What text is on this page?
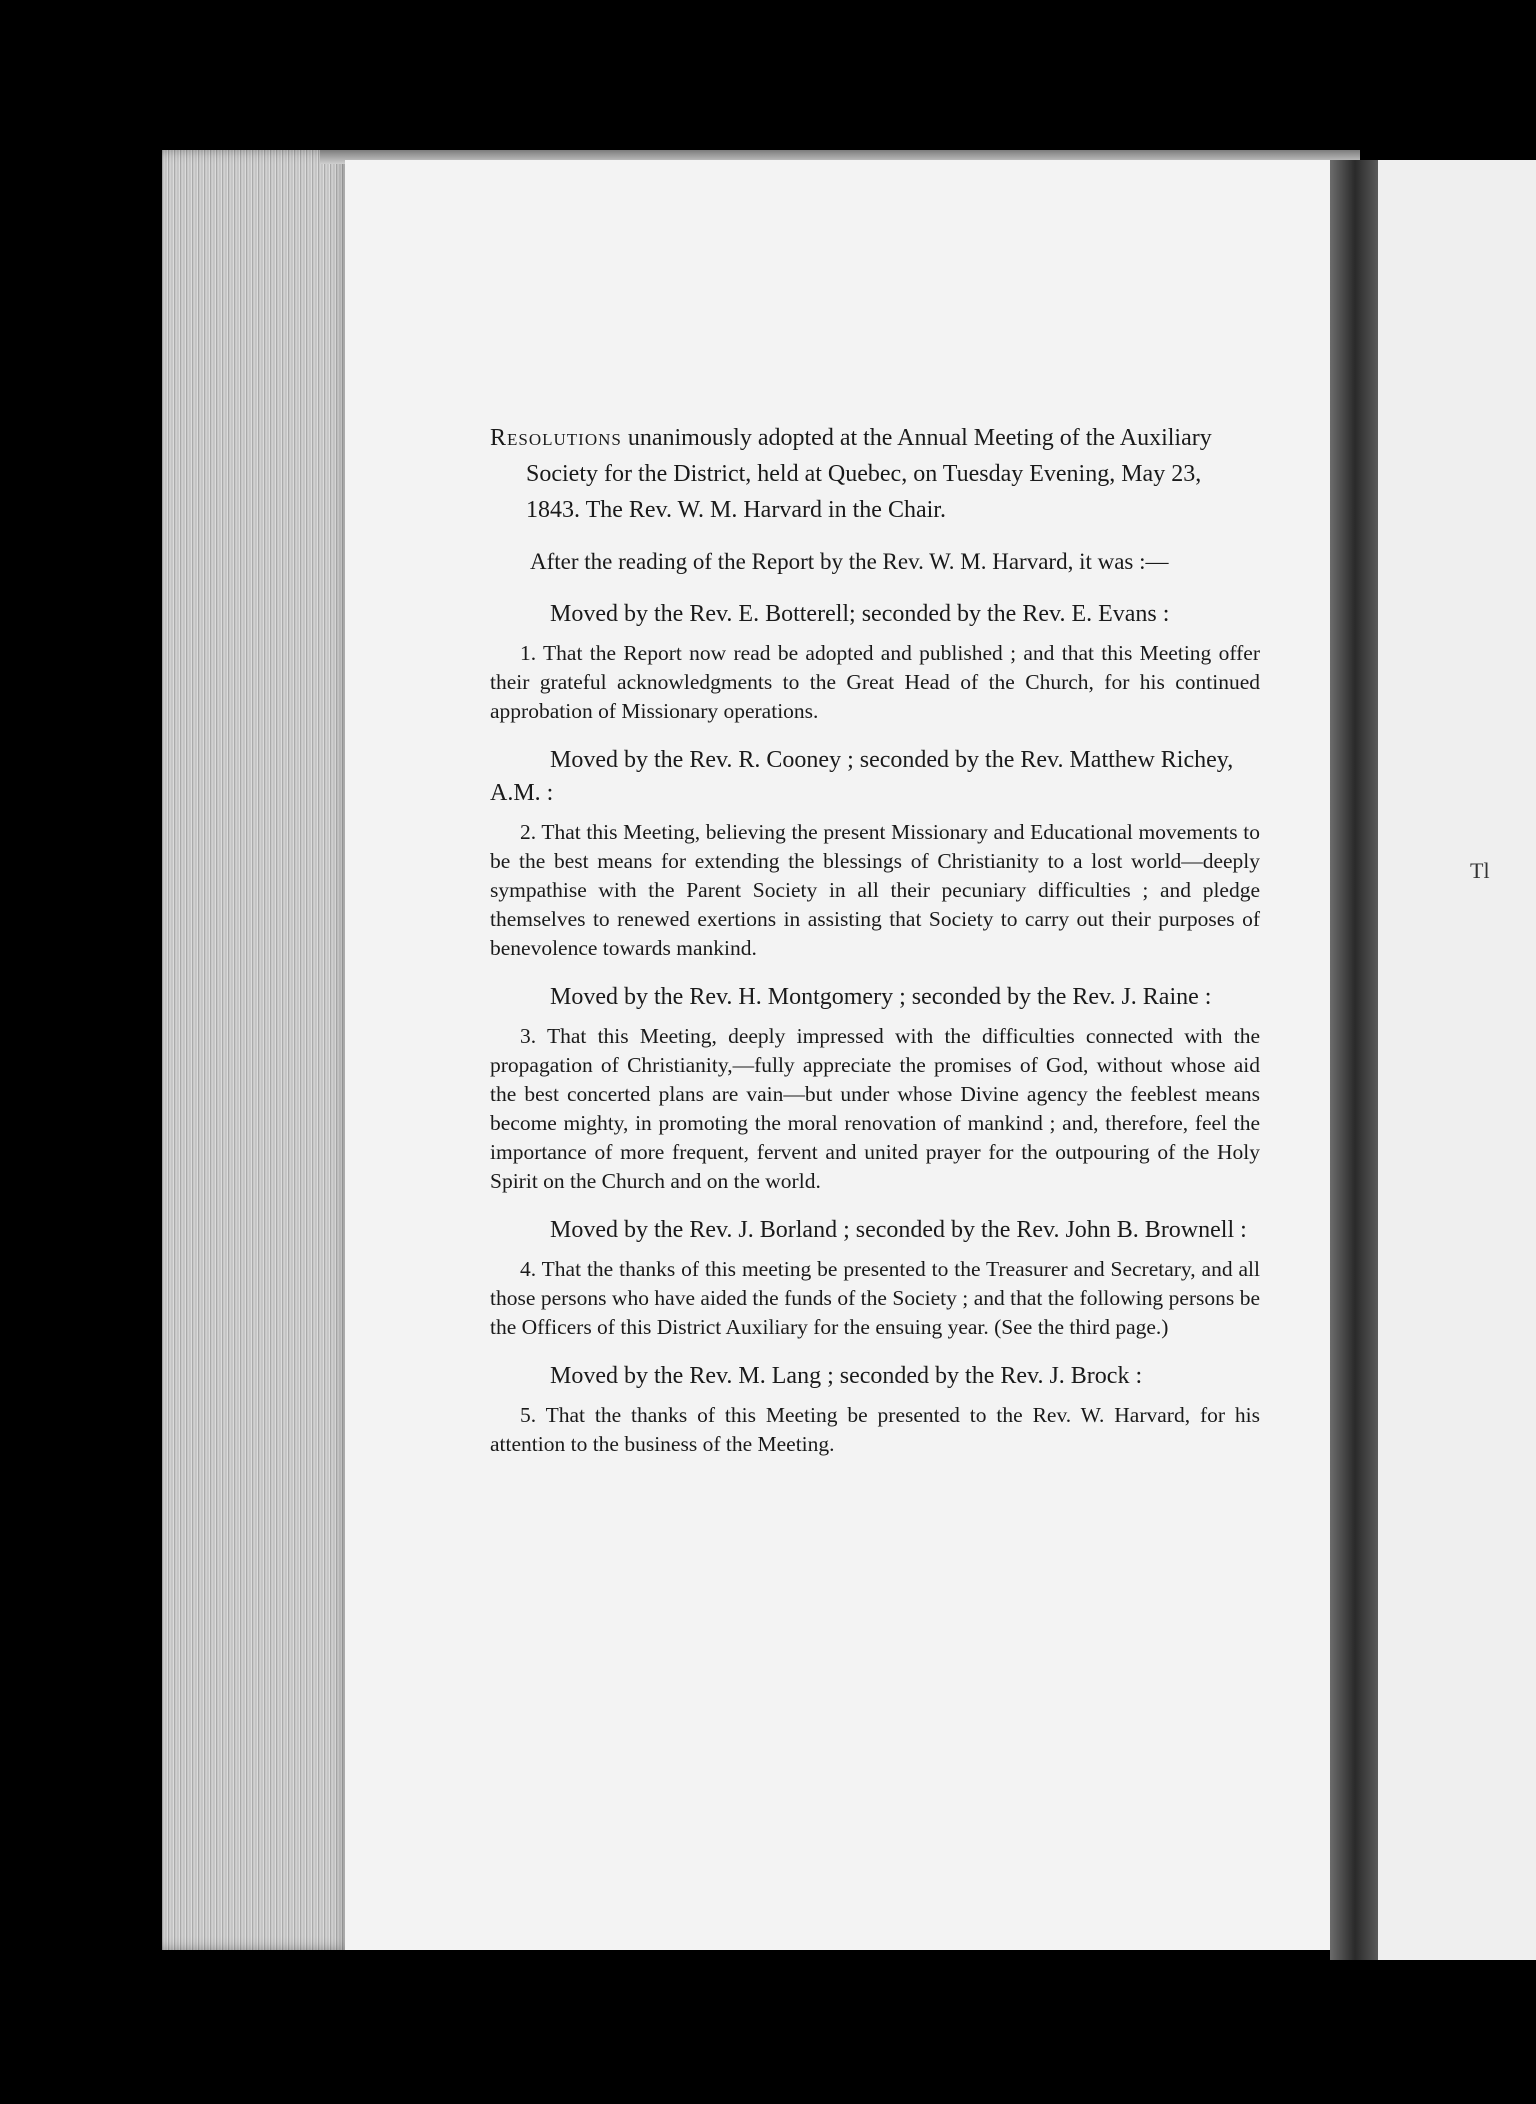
Tl

Resolutions unanimously adopted at the Annual Meeting of the Auxiliary Society for the District, held at Quebec, on Tuesday Evening, May 23, 1843. The Rev. W. M. Harvard in the Chair.

After the reading of the Report by the Rev. W. M. Harvard, it was :—

Moved by the Rev. E. Botterell; seconded by the Rev. E. Evans :

1. That the Report now read be adopted and published ; and that this Meeting offer their grateful acknowledgments to the Great Head of the Church, for his continued approbation of Missionary operations.

Moved by the Rev. R. Cooney ; seconded by the Rev. Matthew Richey, A.M. :

2. That this Meeting, believing the present Missionary and Educational movements to be the best means for extending the blessings of Christianity to a lost world—deeply sympathise with the Parent Society in all their pecuniary difficulties ; and pledge themselves to renewed exertions in assisting that Society to carry out their purposes of benevolence towards mankind.

Moved by the Rev. H. Montgomery ; seconded by the Rev. J. Raine :

3. That this Meeting, deeply impressed with the difficulties connected with the propagation of Christianity,—fully appreciate the promises of God, without whose aid the best concerted plans are vain—but under whose Divine agency the feeblest means become mighty, in promoting the moral renovation of mankind ; and, therefore, feel the importance of more frequent, fervent and united prayer for the outpouring of the Holy Spirit on the Church and on the world.

Moved by the Rev. J. Borland ; seconded by the Rev. John B. Brownell :

4. That the thanks of this meeting be presented to the Treasurer and Secretary, and all those persons who have aided the funds of the Society ; and that the following persons be the Officers of this District Auxiliary for the ensuing year. (See the third page.)

Moved by the Rev. M. Lang ; seconded by the Rev. J. Brock :

5. That the thanks of this Meeting be presented to the Rev. W. Harvard, for his attention to the business of the Meeting.
